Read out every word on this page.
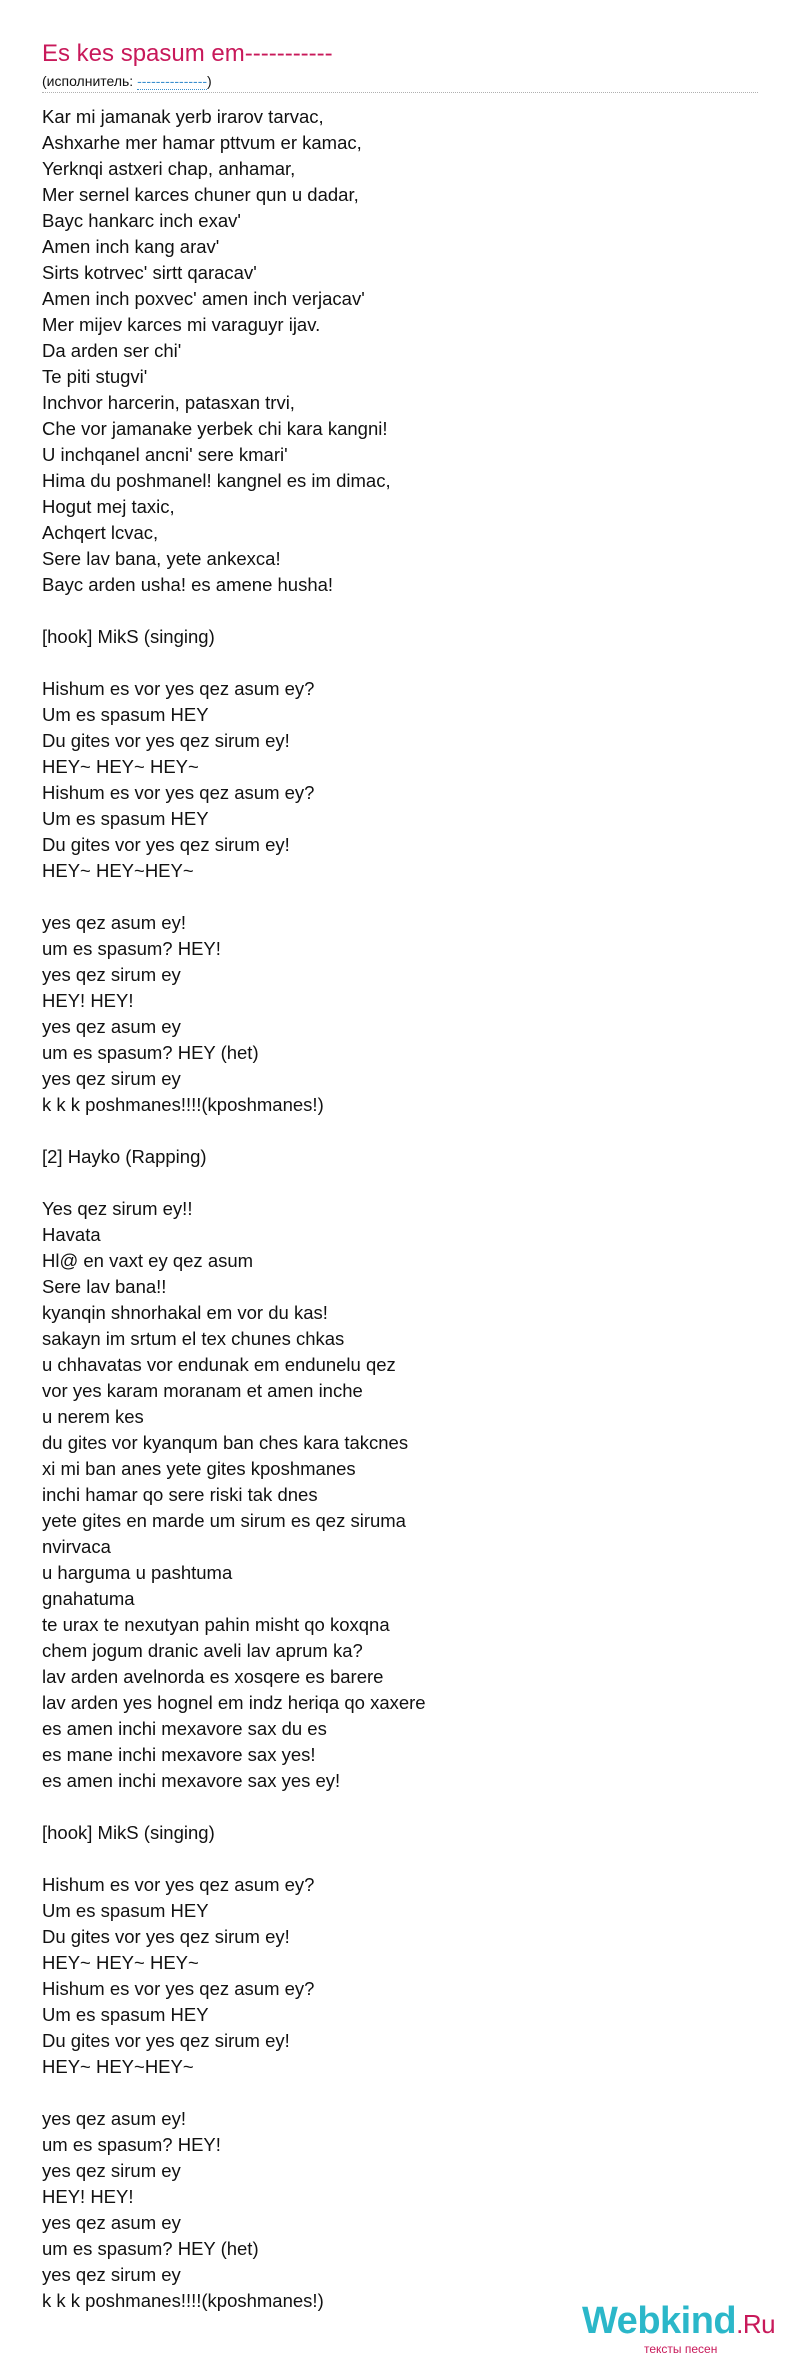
Es kes spasum em-----------
(исполнитель: ---------------)
Kar mi jamanak yerb irarov tarvac,
Ashxarhe mer hamar pttvum er kamac,
Yerknqi astxeri chap, anhamar,
Mer sernel karces chuner qun u dadar,
Bayc hankarc inch exav'
Amen inch kang arav'
Sirts kotrvec' sirtt qaracav'
Amen inch poxvec' amen inch verjacav'
Mer mijev karces mi varaguyr ijav.
Da arden ser chi'
Te piti stugvi'
Inchvor harcerin, patasxan trvi,
Che vor jamanake yerbek chi kara kangni!
U inchqanel ancni' sere kmari'
Hima du poshmanel! kangnel es im dimac,
Hogut mej taxic,
Achqert lcvac,
Sere lav bana, yete ankexca!
Bayc arden usha! es amene husha!
[hook] MikS (singing)
Hishum es vor yes qez asum ey?
Um es spasum HEY
Du gites vor yes qez sirum ey!
HEY~ HEY~ HEY~
Hishum es vor yes qez asum ey?
Um es spasum HEY
Du gites vor yes qez sirum ey!
HEY~ HEY~HEY~
yes qez asum ey!
um es spasum? HEY!
yes qez sirum ey
HEY! HEY!
yes qez asum ey
um es spasum? HEY (het)
yes qez sirum ey
k k k poshmanes!!!!(kposhmanes!)
[2] Hayko (Rapping)
Yes qez sirum ey!!
Havata
Hl@ en vaxt ey qez asum
Sere lav bana!!
kyanqin shnorhakal em vor du kas!
sakayn im srtum el tex chunes chkas
u chhavatas vor endunak em endunelu qez
vor yes karam moranam et amen inche
u nerem kes
du gites vor kyanqum ban ches kara takcnes
xi mi ban anes yete gites kposhmanes
inchi hamar qo sere riski tak dnes
yete gites en marde um sirum es qez siruma
nvirvaca
u harguma u pashtuma
gnahatuma
te urax te nexutyan pahin misht qo koxqna
chem jogum dranic aveli lav aprum ka?
lav arden avelnorda es xosqere es barere
lav arden yes hognel em indz heriqa qo xaxere
es amen inchi mexavore sax du es
es mane inchi mexavore sax yes!
es amen inchi mexavore sax yes ey!
[hook] MikS (singing)
Hishum es vor yes qez asum ey?
Um es spasum HEY
Du gites vor yes qez sirum ey!
HEY~ HEY~ HEY~
Hishum es vor yes qez asum ey?
Um es spasum HEY
Du gites vor yes qez sirum ey!
HEY~ HEY~HEY~
yes qez asum ey!
um es spasum? HEY!
yes qez sirum ey
HEY! HEY!
yes qez asum ey
um es spasum? HEY (het)
yes qez sirum ey
k k k poshmanes!!!!(kposhmanes!)	Webkind.Ru
тексты песен
